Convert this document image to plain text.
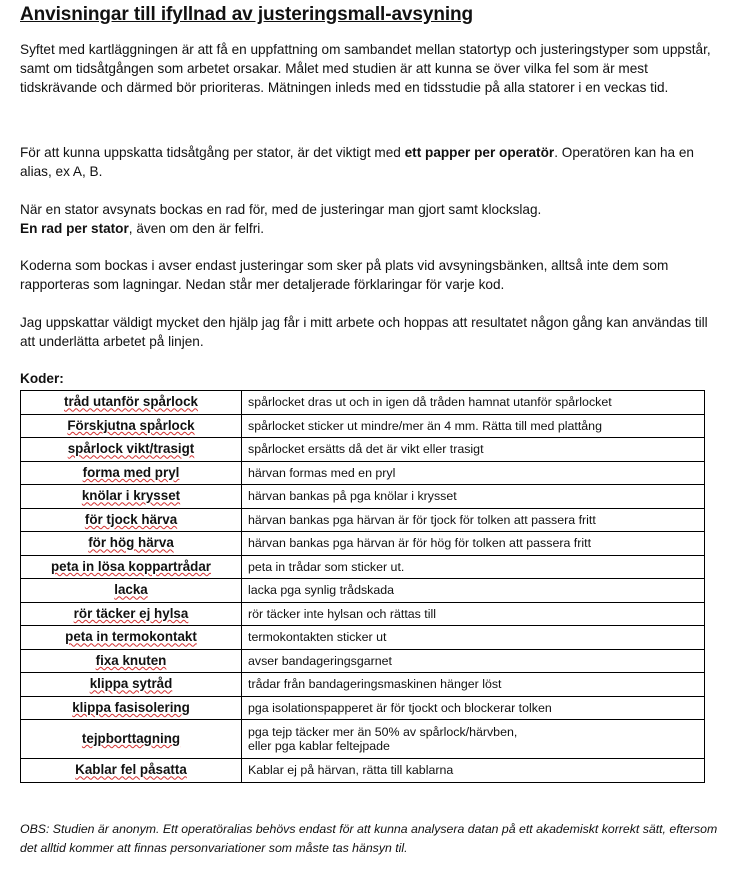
Anvisningar till ifyllnad av justeringsmall-avsyning

Syftet med kartläggningen är att få en uppfattning om sambandet mellan statortyp och justeringstyper som uppstår, samt om tidsåtgången som arbetet orsakar. Målet med studien är att kunna se över vilka fel som är mest tidskrävande och därmed bör prioriteras. Mätningen inleds med en tidsstudie på alla statorer i en veckas tid.

För att kunna uppskatta tidsåtgång per stator, är det viktigt med ett papper per operatör. Operatören kan ha en alias, ex A, B.

När en stator avsynats bockas en rad för, med de justeringar man gjort samt klockslag.
En rad per stator, även om den är felfri.

Koderna som bockas i avser endast justeringar som sker på plats vid avsyningsbänken, alltså inte dem som rapporteras som lagningar. Nedan står mer detaljerade förklaringar för varje kod.

Jag uppskattar väldigt mycket den hjälp jag får i mitt arbete och hoppas att resultatet någon gång kan användas till att underlätta arbetet på linjen.

Koder:
tråd utanför spårlock	spårlocket dras ut och in igen då tråden hamnat utanför spårlocket
Förskjutna spårlock	spårlocket sticker ut mindre/mer än 4 mm. Rätta till med plattång
spårlock vikt/trasigt	spårlocket ersätts då det är vikt eller trasigt
forma med pryl	härvan formas med en pryl
knölar i krysset	härvan bankas på pga knölar i krysset
för tjock härva	härvan bankas pga härvan är för tjock för tolken att passera fritt
för hög härva	härvan bankas pga härvan är för hög för tolken att passera fritt
peta in lösa koppartrådar	peta in trådar som sticker ut.
lacka	lacka pga synlig trådskada
rör täcker ej hylsa	rör täcker inte hylsan och rättas till
peta in termokontakt	termokontakten sticker ut
fixa knuten	avser bandageringsgarnet
klippa sytråd	trådar från bandageringsmaskinen hänger löst
klippa fasisolering	pga isolationspapperet är för tjockt och blockerar tolken
tejpborttagning	pga tejp täcker mer än 50% av spårlock/härvben,
eller pga kablar feltejpade

Kablar fel påsatta	Kablar ej på härvan, rätta till kablarna

OBS: Studien är anonym. Ett operatöralias behövs endast för att kunna analysera datan på ett akademiskt korrekt sätt, eftersom det alltid kommer att finnas personvariationer som måste tas hänsyn til.
